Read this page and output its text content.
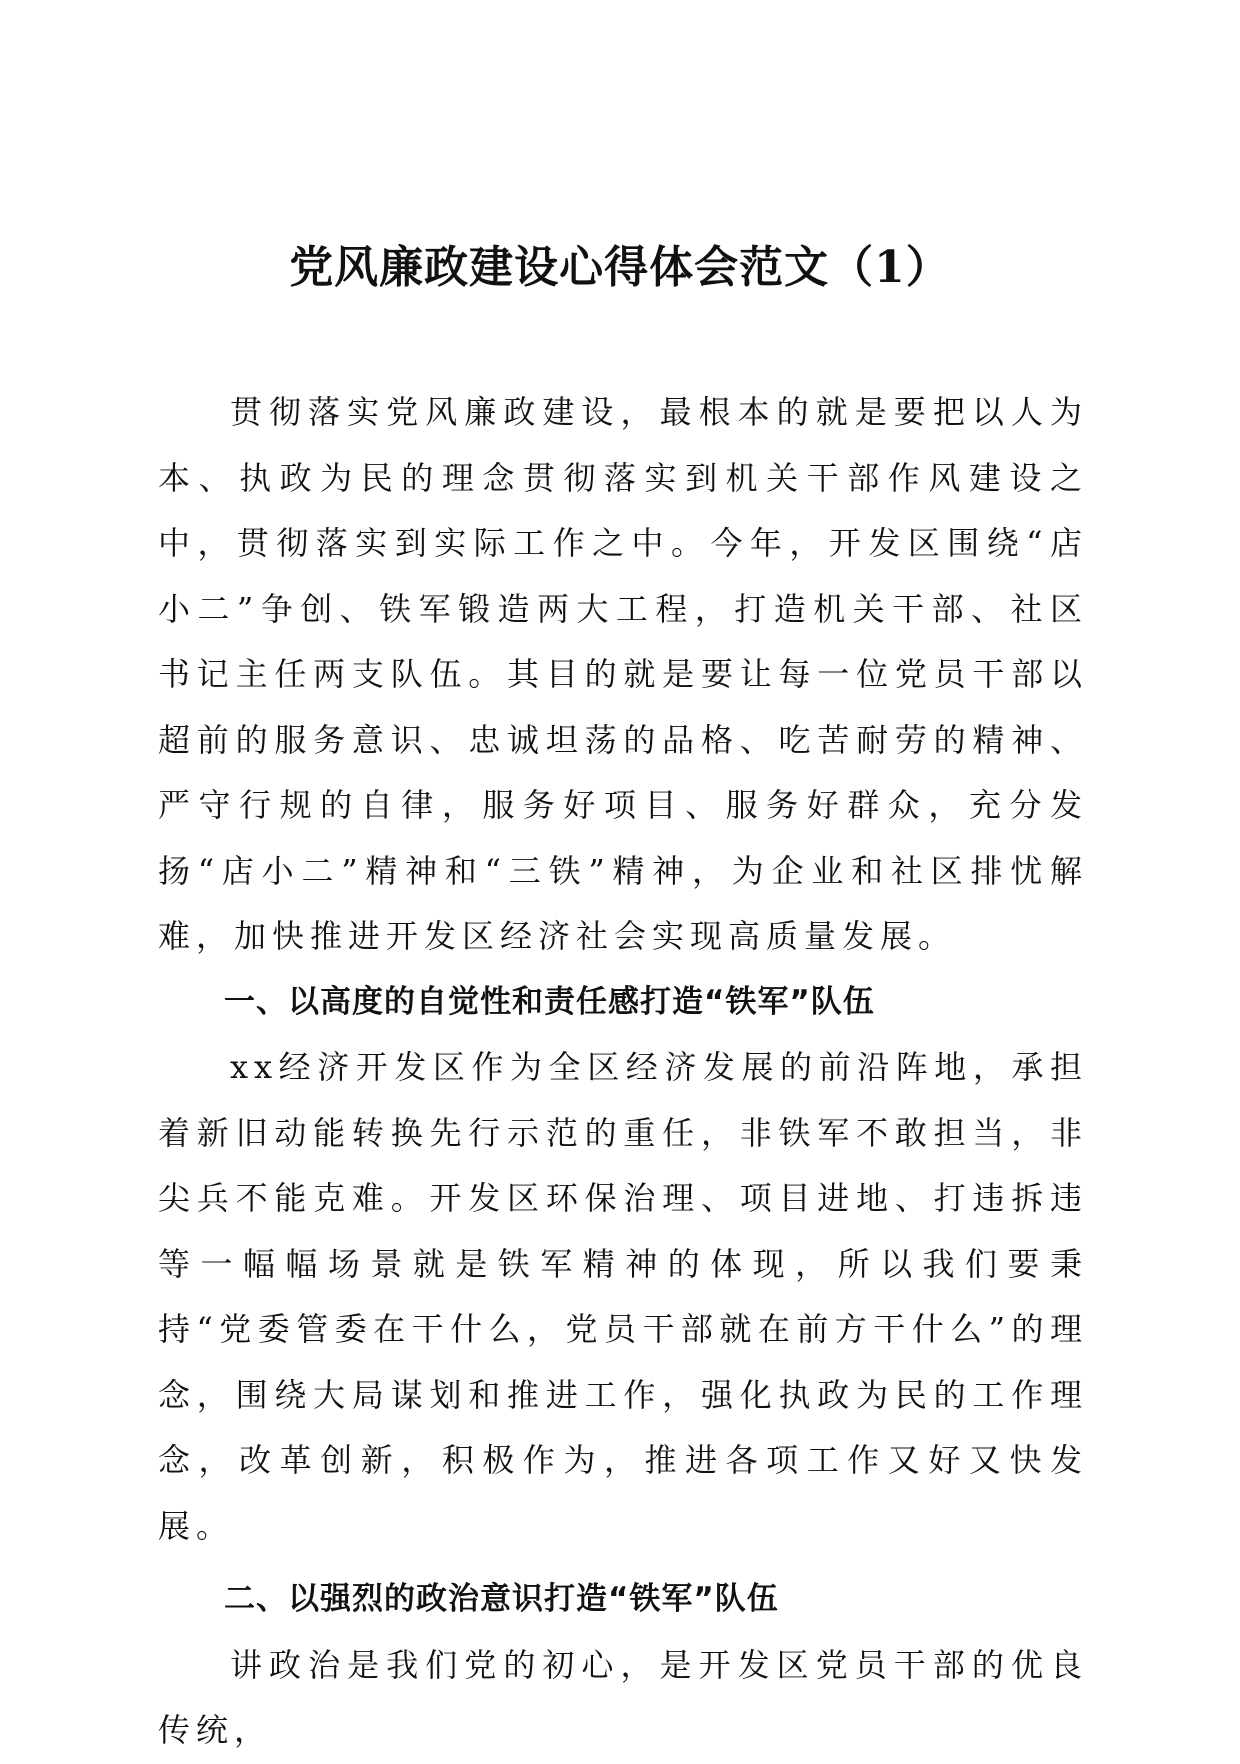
党风廉政建设心得体会范文（1）

贯彻落实党风廉政建设，最根本的就是要把以人为本、执政为民的理念贯彻落实到机关干部作风建设之中，贯彻落实到实际工作之中。今年，开发区围绕“店小二”争创、铁军锻造两大工程，打造机关干部、社区书记主任两支队伍。其目的就是要让每一位党员干部以超前的服务意识、忠诚坦荡的品格、吃苦耐劳的精神、严守行规的自律，服务好项目、服务好群众，充分发扬“店小二”精神和“三铁”精神，为企业和社区排忧解难，加快推进开发区经济社会实现高质量发展。

一、以高度的自觉性和责任感打造“铁军”队伍

xx经济开发区作为全区经济发展的前沿阵地，承担着新旧动能转换先行示范的重任，非铁军不敢担当，非尖兵不能克难。开发区环保治理、项目进地、打违拆违等一幅幅场景就是铁军精神的体现，所以我们要秉持“党委管委在干什么，党员干部就在前方干什么”的理念，围绕大局谋划和推进工作，强化执政为民的工作理念，改革创新，积极作为，推进各项工作又好又快发展。

二、以强烈的政治意识打造“铁军”队伍

讲政治是我们党的初心，是开发区党员干部的优良传统，
